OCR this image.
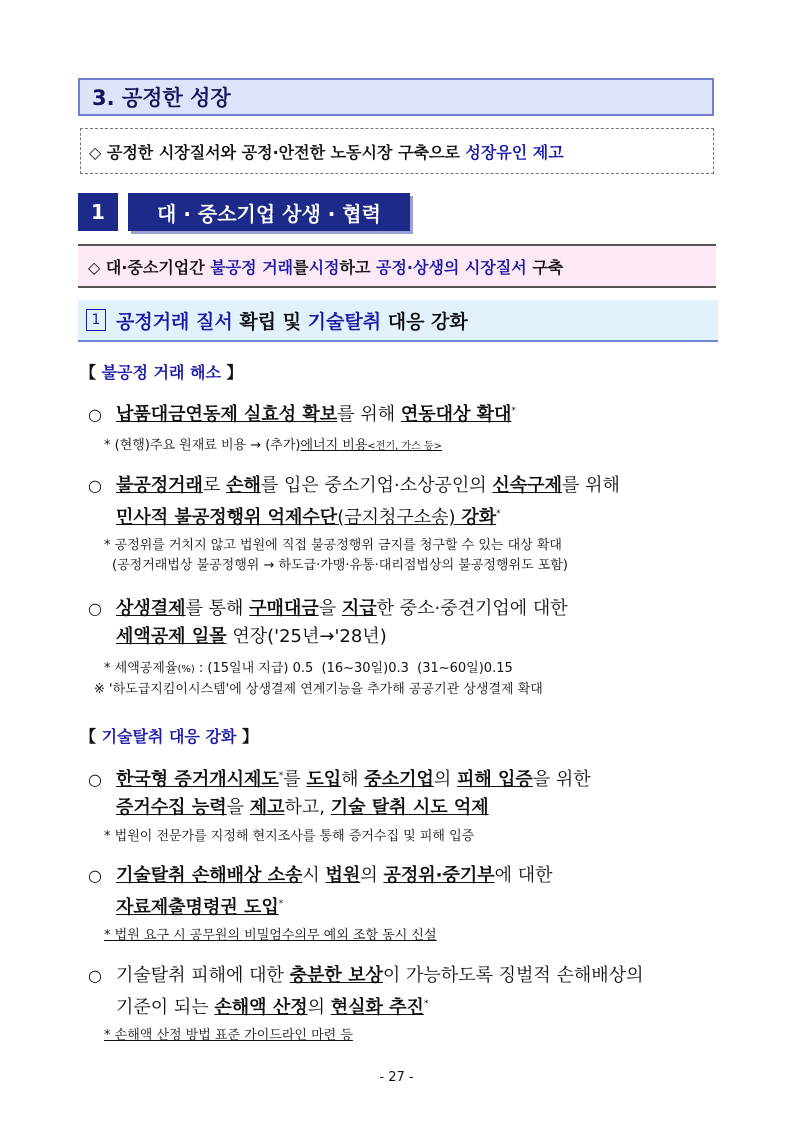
3. 공정한 성장
◇ 공정한 시장질서와 공정·안전한 노동시장 구축으로 성장유인 제고
1	대 · 중소기업 상생 · 협력
◇ 대·중소기업간 불공정 거래 를 시정 하고 공정·상생의 시장질서 구축
1 공정거래 질서 확립 및 기술탈취 대응 강화
【 불공정 거래 해소 】
○ 납품대금연동제 실효성 확보를 위해 연동대상 확대*
* (현행)주요 원재료 비용 → (추가)에너지 비용<전기, 가스 등>
○ 불공정거래로 손해를 입은 중소기업·소상공인의 신속구제를 위해
민사적 불공정행위 억제수단(금지청구소송) 강화*
* 공정위를 거치지 않고 법원에 직접 불공정행위 금지를 청구할 수 있는 대상 확대
(공정거래법상 불공정행위 → 하도급·가맹·유통·대리점법상의 불공정행위도 포함)
○ 상생결제를 통해 구매대금을 지급한 중소·중견기업에 대한
세액공제 일몰 연장('25년→'28년)
* 세액공제율(%) : (15일내 지급) 0.5  (16~30일)0.3  (31~60일)0.15
※ '하도급지킴이시스템'에 상생결제 연계기능을 추가해 공공기관 상생결제 확대
【 기술탈취 대응 강화 】
○ 한국형 증거개시제도*를 도입해 중소기업의 피해 입증을 위한
증거수집 능력을 제고하고, 기술 탈취 시도 억제
* 법원이 전문가를 지정해 현지조사를 통해 증거수집 및 피해 입증
○ 기술탈취 손해배상 소송시 법원의 공정위·중기부에 대한
자료제출명령권 도입*
* 법원 요구 시 공무원의 비밀엄수의무 예외 조항 동시 신설
○ 기술탈취 피해에 대한 충분한 보상이 가능하도록 징벌적 손해배상의
기준이 되는 손해액 산정의 현실화 추진*
* 손해액 산정 방법 표준 가이드라인 마련 등
- 27 -
